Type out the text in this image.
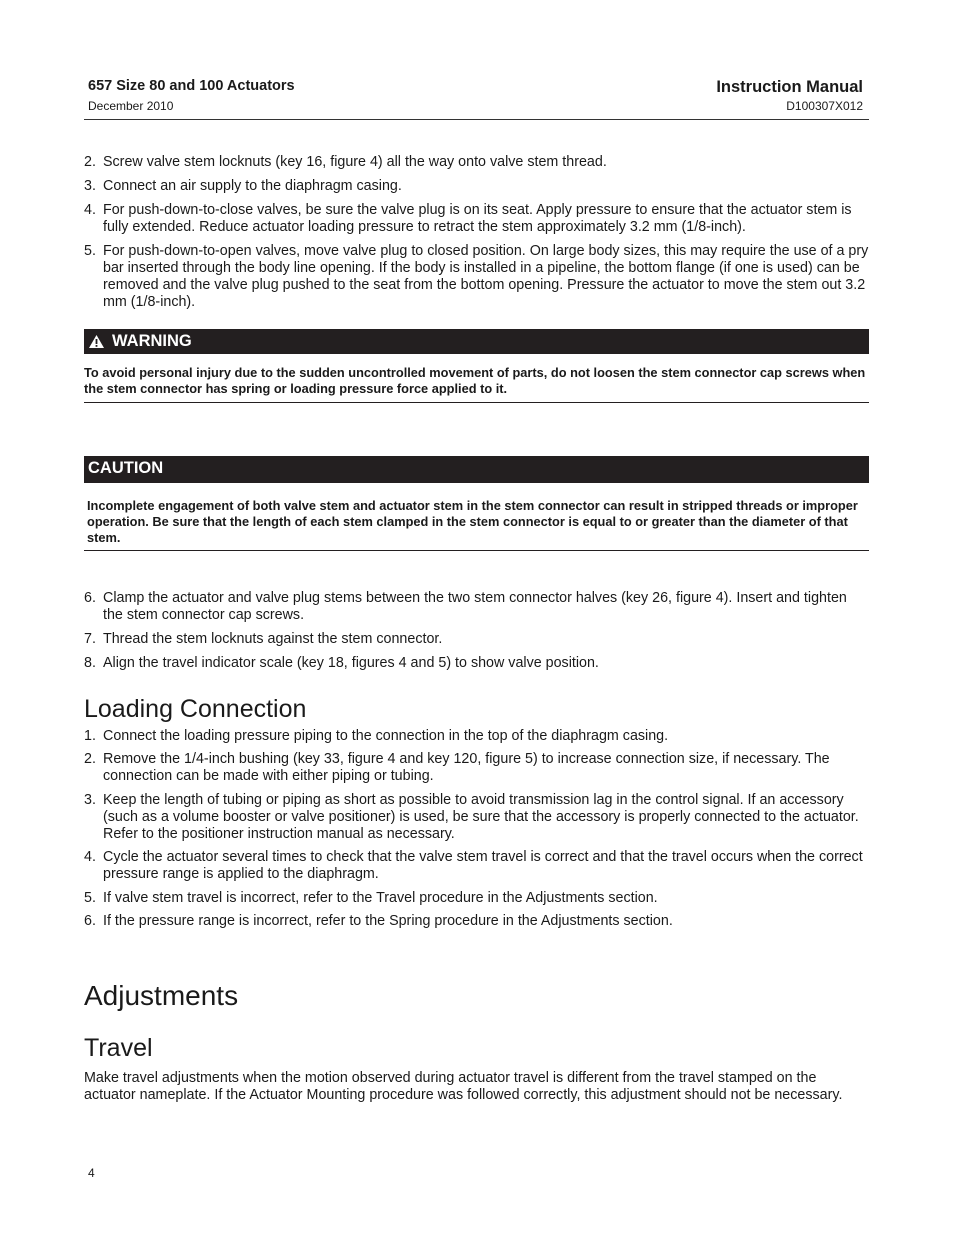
657 Size 80 and 100 Actuators
December 2010
Instruction Manual
D100307X012
2. Screw valve stem locknuts (key 16, figure 4) all the way onto valve stem thread.
3. Connect an air supply to the diaphragm casing.
4. For push-down-to-close valves, be sure the valve plug is on its seat. Apply pressure to ensure that the actuator stem is fully extended. Reduce actuator loading pressure to retract the stem approximately 3.2 mm (1/8-inch).
5. For push-down-to-open valves, move valve plug to closed position. On large body sizes, this may require the use of a pry bar inserted through the body line opening. If the body is installed in a pipeline, the bottom flange (if one is used) can be removed and the valve plug pushed to the seat from the bottom opening. Pressure the actuator to move the stem out 3.2 mm (1/8-inch).
WARNING
To avoid personal injury due to the sudden uncontrolled movement of parts, do not loosen the stem connector cap screws when the stem connector has spring or loading pressure force applied to it.
CAUTION
Incomplete engagement of both valve stem and actuator stem in the stem connector can result in stripped threads or improper operation. Be sure that the length of each stem clamped in the stem connector is equal to or greater than the diameter of that stem.
6. Clamp the actuator and valve plug stems between the two stem connector halves (key 26, figure 4). Insert and tighten the stem connector cap screws.
7. Thread the stem locknuts against the stem connector.
8. Align the travel indicator scale (key 18, figures 4 and 5) to show valve position.
Loading Connection
1. Connect the loading pressure piping to the connection in the top of the diaphragm casing.
2. Remove the 1/4-inch bushing (key 33, figure 4 and key 120, figure 5) to increase connection size, if necessary. The connection can be made with either piping or tubing.
3. Keep the length of tubing or piping as short as possible to avoid transmission lag in the control signal. If an accessory (such as a volume booster or valve positioner) is used, be sure that the accessory is properly connected to the actuator. Refer to the positioner instruction manual as necessary.
4. Cycle the actuator several times to check that the valve stem travel is correct and that the travel occurs when the correct pressure range is applied to the diaphragm.
5. If valve stem travel is incorrect, refer to the Travel procedure in the Adjustments section.
6. If the pressure range is incorrect, refer to the Spring procedure in the Adjustments section.
Adjustments
Travel
Make travel adjustments when the motion observed during actuator travel is different from the travel stamped on the actuator nameplate. If the Actuator Mounting procedure was followed correctly, this adjustment should not be necessary.
4
